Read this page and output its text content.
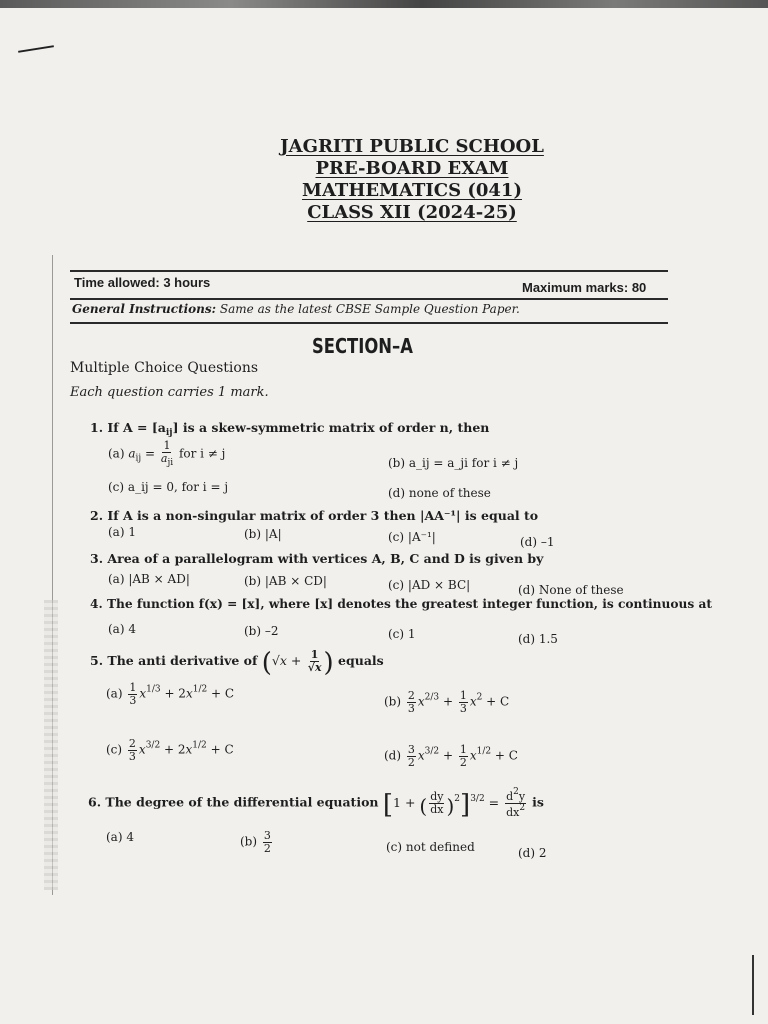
JAGRITI PUBLIC SCHOOL
PRE-BOARD EXAM
MATHEMATICS (041)
CLASS XII (2024-25)
Time allowed: 3 hours	Maximum marks: 80
General Instructions: Same as the latest CBSE Sample Question Paper.
SECTION–A
Multiple Choice Questions
Each question carries 1 mark.
1. If $A = [a_{ij}]$ is a skew-symmetric matrix of order n, then
(a) $a_{ij} = \frac{1}{a_{ji}}$ for i ≠ j
(b) a_ij = a_ji for i ≠ j
(c) a_ij = 0, for i = j	(d) none of these
2. If A is a non-singular matrix of order 3 then |AA⁻¹| is equal to
(a) 1	(b) |A|	(c) |A⁻¹|	(d) –1
3. Area of a parallelogram with vertices A, B, C and D is given by
(a) |AB × AD|	(b) |AB × CD|	(c) |AD × BC|	(d) None of these
4. The function f(x) = [x], where [x] denotes the greatest integer function, is continuous at
(a) 4	(b) –2	(c) 1	(d) 1.5
5. The anti derivative of ($√x + \frac{1}{√x}$ ) equals
$(a) \frac{1}{3} x^{1/3} + 2x^{1/2} + C$
$(b) \frac{2}{3} x^{2/3} + \frac{1}{3} x^2 + C$
$(c) \frac{2}{3} x^{3/2} + 2x^{1/2} + C$	$(d) \frac{3}{2} x^{3/2} + \frac{1}{2} x^{1/2} + C$
6. The degree of the differential equation [1 + ( $\frac{dy}{dx} )^2]^{3/2} = \frac{d^2y}{dx^2}$ is
(a) 4	$(b) \frac{3}{2}$	(c) not defined	(d) 2
